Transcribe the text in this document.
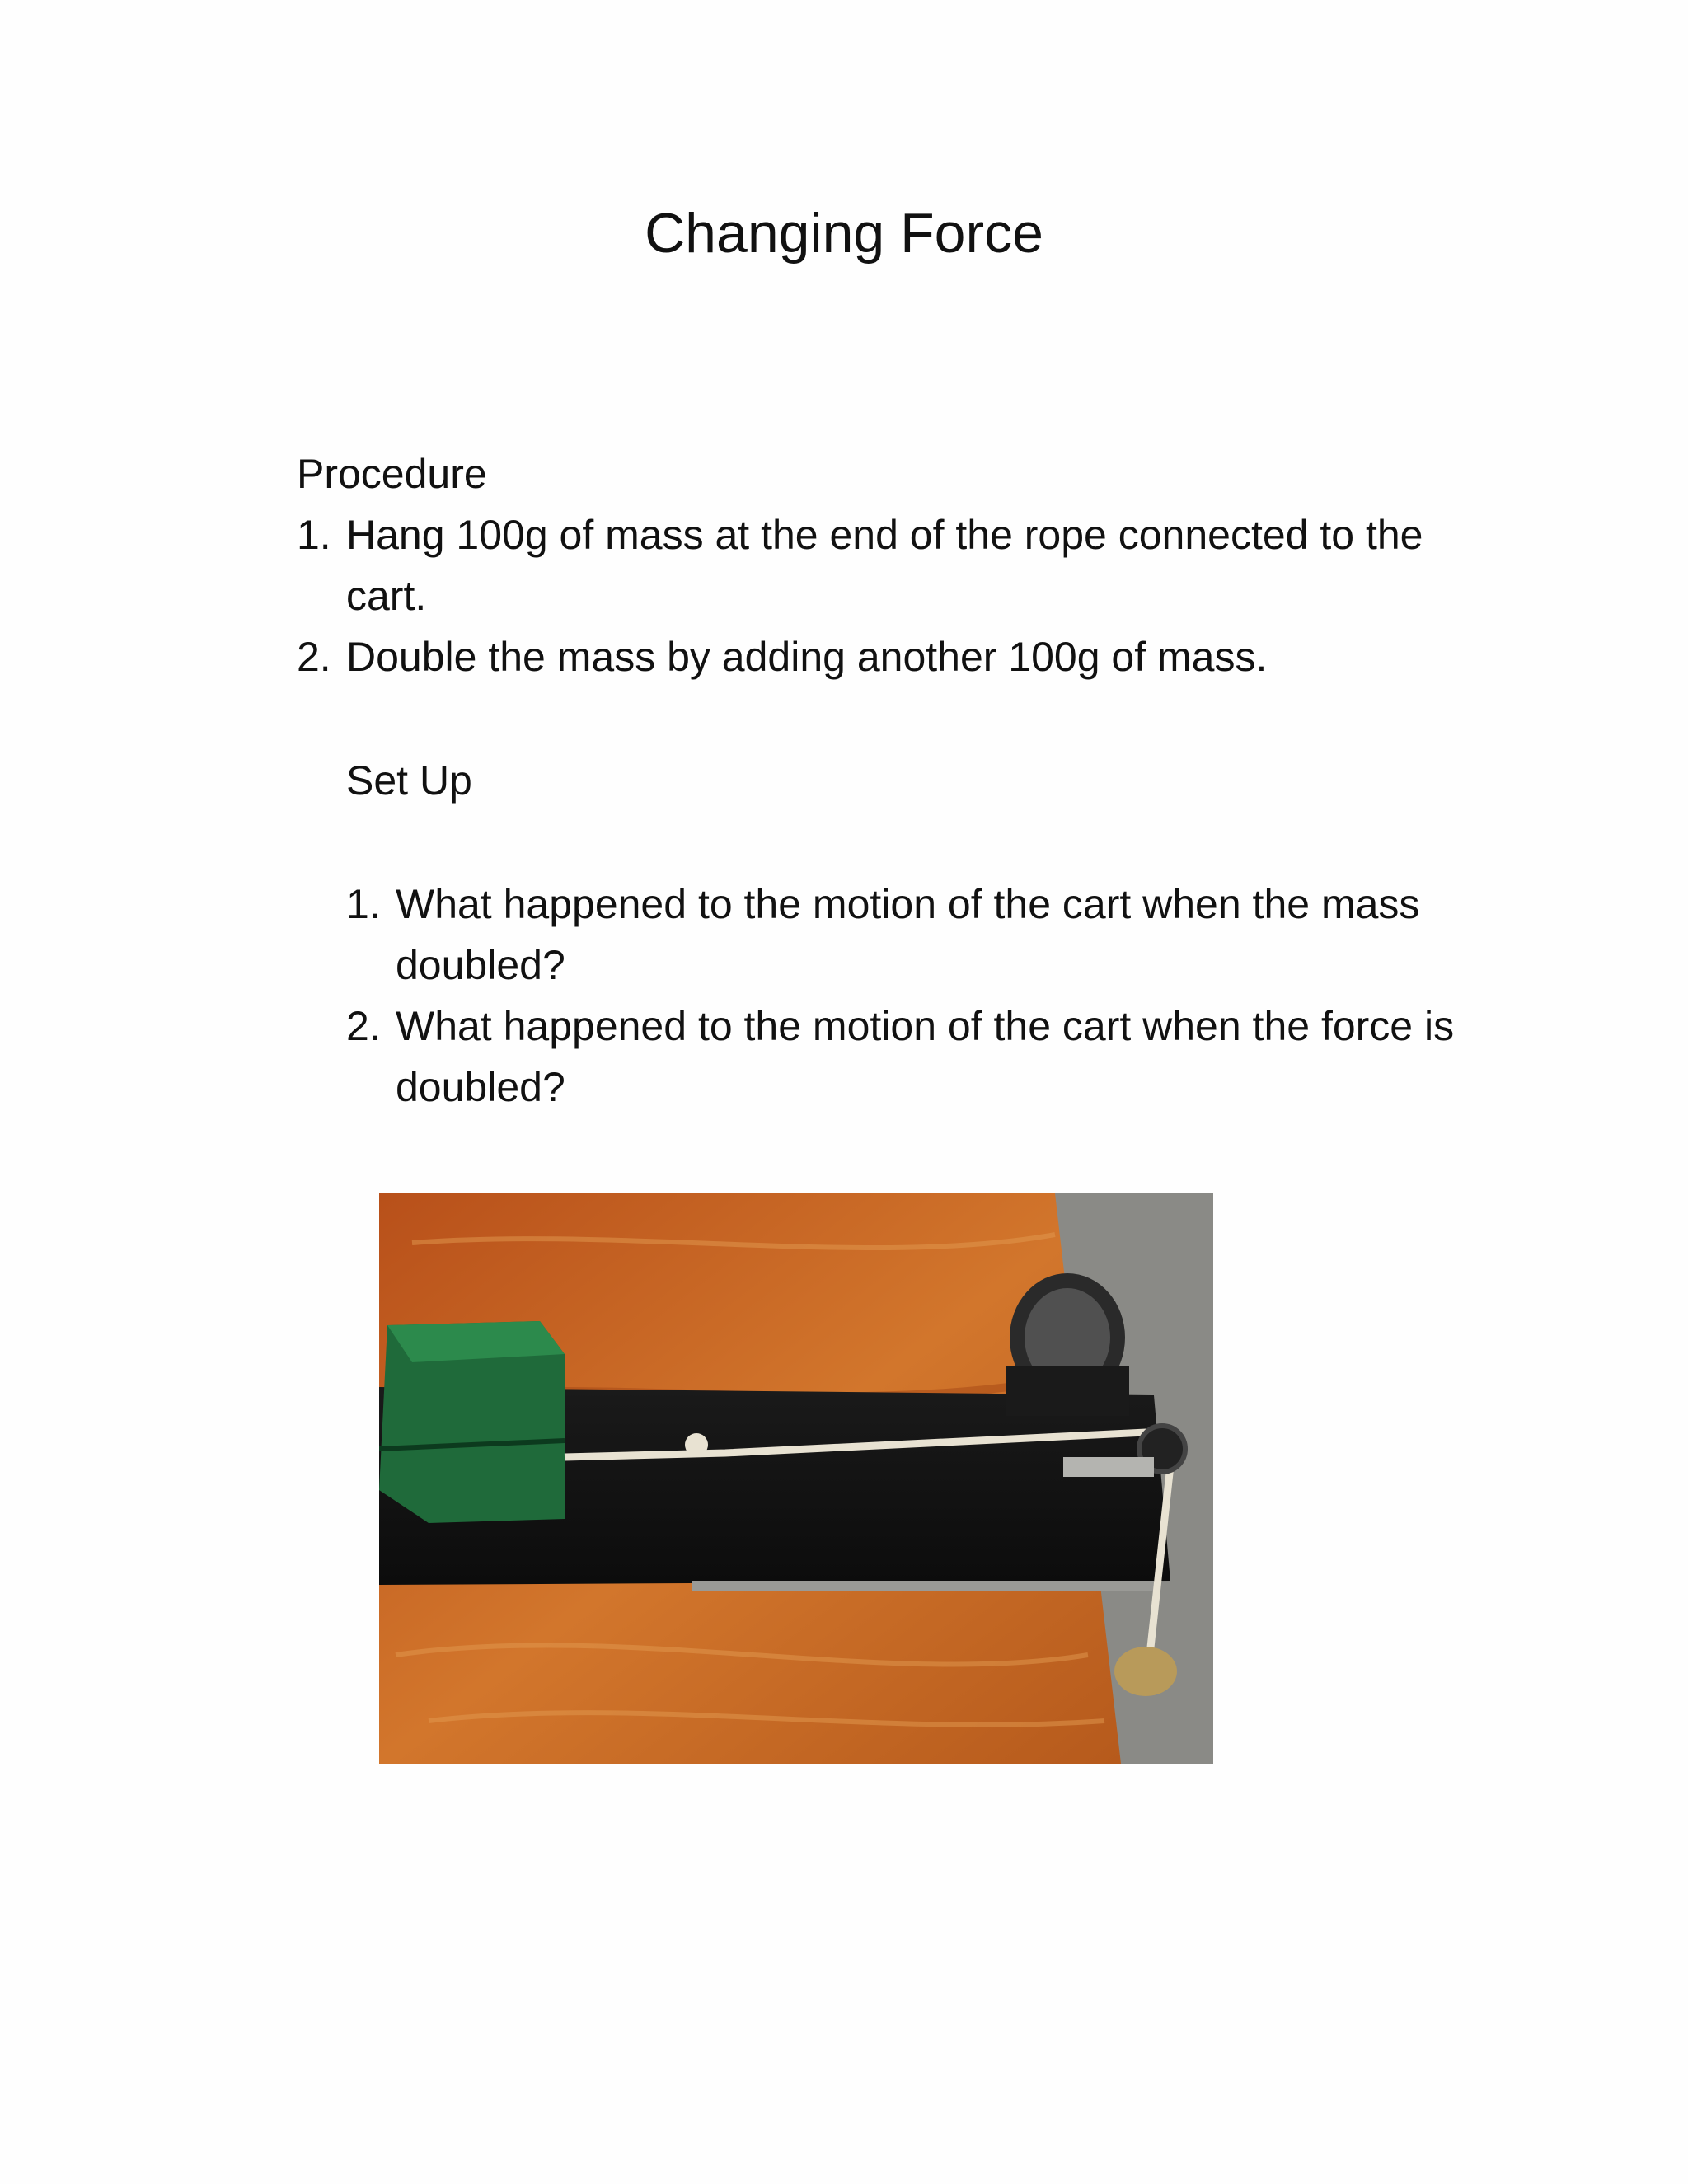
Changing Force
Procedure
1. Hang 100g of mass at the end of the rope connected to the cart.
2. Double the mass by adding another 100g of mass.
Set Up
1. What happened to the motion of the cart when the mass doubled?
2. What happened to the motion of the cart when the force is doubled?
